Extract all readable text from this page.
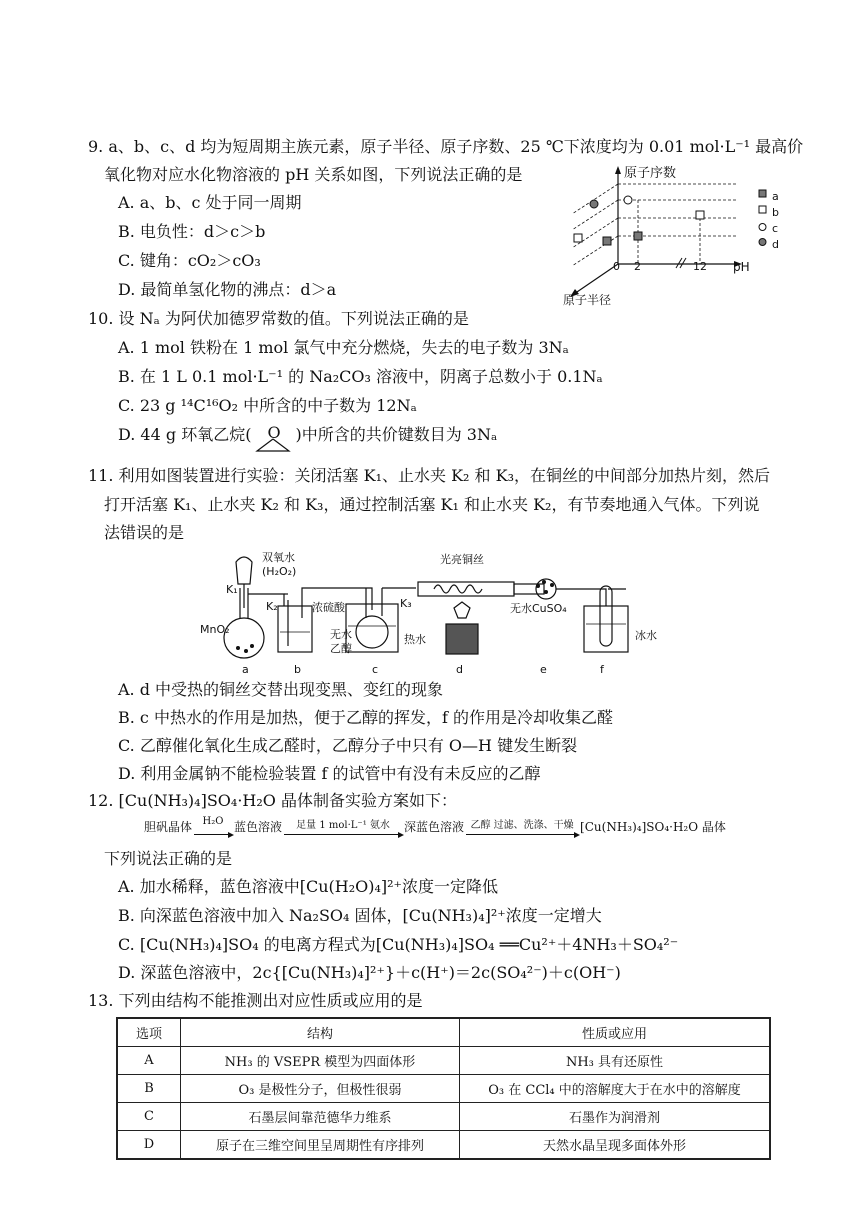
9. a、b、c、d 均为短周期主族元素，原子半径、原子序数、25 ℃下浓度均为 0.01 mol·L⁻¹ 最高价
氧化物对应水化物溶液的 pH 关系如图，下列说法正确的是
A. a、b、c 处于同一周期
B. 电负性：d＞c＞b
C. 键角：cO₂＞cO₃
D. 最简单氢化物的沸点：d＞a
原子序数
pH
原子半径
0 2	12
a
b
c
d
10. 设 Nₐ 为阿伏加德罗常数的值。下列说法正确的是
A. 1 mol 铁粉在 1 mol 氯气中充分燃烧，失去的电子数为 3Nₐ
B. 在 1 L 0.1 mol·L⁻¹ 的 Na₂CO₃ 溶液中，阴离子总数小于 0.1Nₐ
C. 23 g ¹⁴C¹⁶O₂ 中所含的中子数为 12Nₐ
D. 44 g 环氧乙烷( O )中所含的共价键数目为 3Nₐ
11. 利用如图装置进行实验：关闭活塞 K₁、止水夹 K₂ 和 K₃，在铜丝的中间部分加热片刻，然后
打开活塞 K₁、止水夹 K₂ 和 K₃，通过控制活塞 K₁ 和止水夹 K₂，有节奏地通入气体。下列说
法错误的是
双氧水
(H₂O₂)
K₁
K₂	K₃
MnO₂
浓硫酸
无水
乙醇
热水
光亮铜丝
无水CuSO₄
冰水
a	b	c	d	e	f
A. d 中受热的铜丝交替出现变黑、变红的现象
B. c 中热水的作用是加热，便于乙醇的挥发，f 的作用是冷却收集乙醛
C. 乙醇催化氧化生成乙醛时，乙醇分子中只有 O—H 键发生断裂
D. 利用金属钠不能检验装置 f 的试管中有没有未反应的乙醇
12. [Cu(NH₃)₄]SO₄·H₂O 晶体制备实验方案如下：
胆矾晶体	H₂O 蓝色溶液	足量 1 mol·L⁻¹ 氨水	深蓝色溶液 乙醇 过滤、洗涤、干燥 [Cu(NH₃)₄]SO₄·H₂O 晶体
下列说法正确的是
A. 加水稀释，蓝色溶液中[Cu(H₂O)₄]²⁺浓度一定降低
B. 向深蓝色溶液中加入 Na₂SO₄ 固体，[Cu(NH₃)₄]²⁺浓度一定增大
C. [Cu(NH₃)₄]SO₄ 的电离方程式为[Cu(NH₃)₄]SO₄ ══Cu²⁺＋4NH₃＋SO₄²⁻
D. 深蓝色溶液中，2c{[Cu(NH₃)₄]²⁺}＋c(H⁺)＝2c(SO₄²⁻)＋c(OH⁻)
13. 下列由结构不能推测出对应性质或应用的是
选项	结构	性质或应用
A	NH₃ 的 VSEPR 模型为四面体形	NH₃ 具有还原性
B	O₃ 是极性分子，但极性很弱	O₃ 在 CCl₄ 中的溶解度大于在水中的溶解度
C	石墨层间靠范德华力维系	石墨作为润滑剂
D	原子在三维空间里呈周期性有序排列	天然水晶呈现多面体外形
